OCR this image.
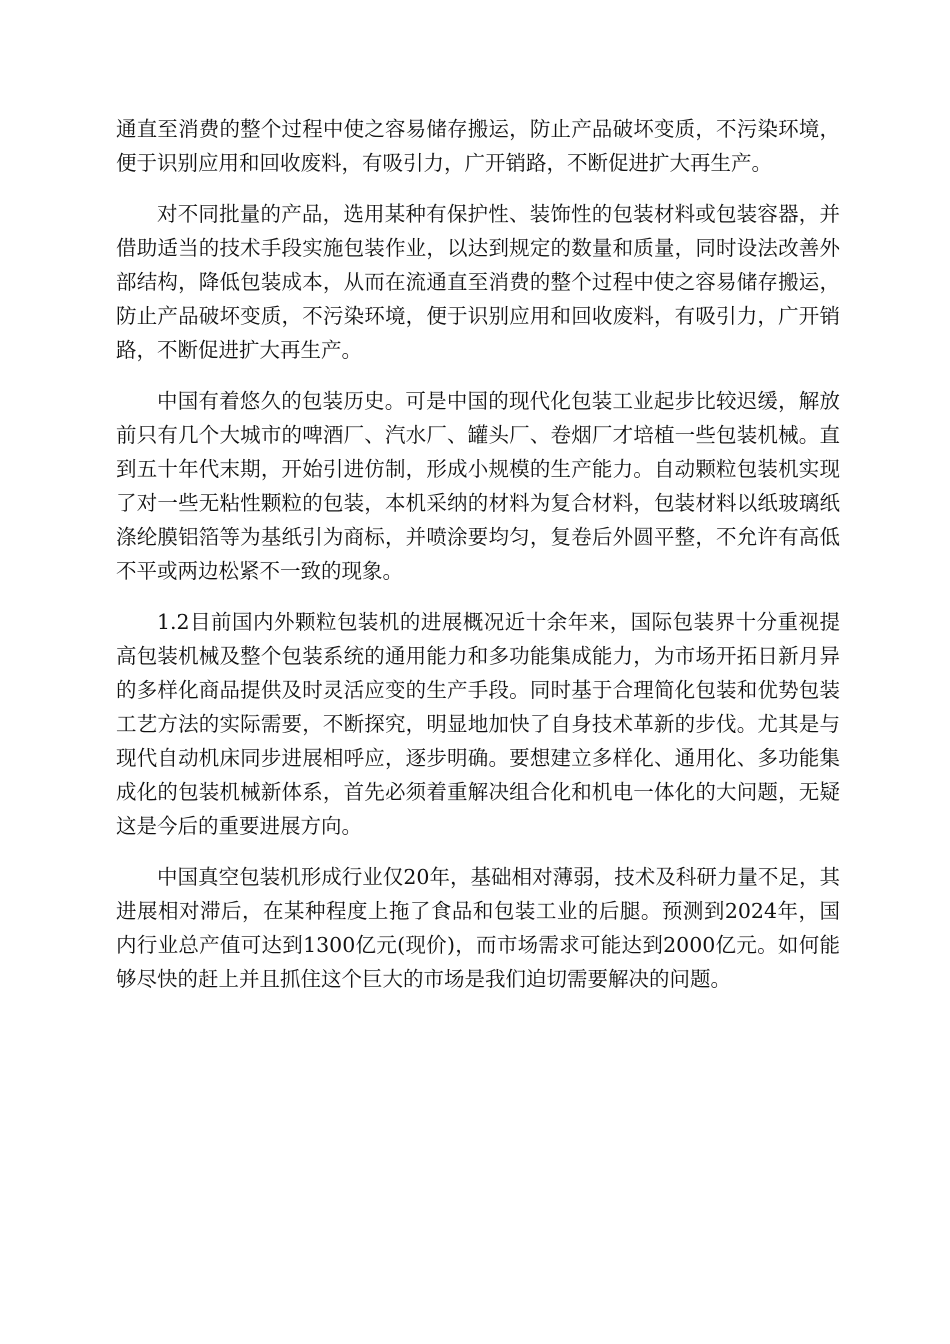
通直至消费的整个过程中使之容易储存搬运，防止产品破坏变质，不污染环境，便于识别应用和回收废料，有吸引力，广开销路，不断促进扩大再生产。

对不同批量的产品，选用某种有保护性、装饰性的包装材料或包装容器，并借助适当的技术手段实施包装作业，以达到规定的数量和质量，同时设法改善外部结构，降低包装成本，从而在流通直至消费的整个过程中使之容易储存搬运，防止产品破坏变质，不污染环境，便于识别应用和回收废料，有吸引力，广开销路，不断促进扩大再生产。

中国有着悠久的包装历史。可是中国的现代化包装工业起步比较迟缓，解放前只有几个大城市的啤酒厂、汽水厂、罐头厂、卷烟厂才培植一些包装机械。直到五十年代末期，开始引进仿制，形成小规模的生产能力。自动颗粒包装机实现了对一些无粘性颗粒的包装，本机采纳的材料为复合材料，包装材料以纸玻璃纸涤纶膜铝箔等为基纸引为商标，并喷涂要均匀，复卷后外圆平整，不允许有高低不平或两边松紧不一致的现象。

1.2目前国内外颗粒包装机的进展概况近十余年来，国际包装界十分重视提高包装机械及整个包装系统的通用能力和多功能集成能力，为市场开拓日新月异的多样化商品提供及时灵活应变的生产手段。同时基于合理简化包装和优势包装工艺方法的实际需要，不断探究，明显地加快了自身技术革新的步伐。尤其是与现代自动机床同步进展相呼应，逐步明确。要想建立多样化、通用化、多功能集成化的包装机械新体系，首先必须着重解决组合化和机电一体化的大问题，无疑这是今后的重要进展方向。

中国真空包装机形成行业仅20年，基础相对薄弱，技术及科研力量不足，其进展相对滞后，在某种程度上拖了食品和包装工业的后腿。预测到2024年，国内行业总产值可达到1300亿元(现价)，而市场需求可能达到2000亿元。如何能够尽快的赶上并且抓住这个巨大的市场是我们迫切需要解决的问题。
